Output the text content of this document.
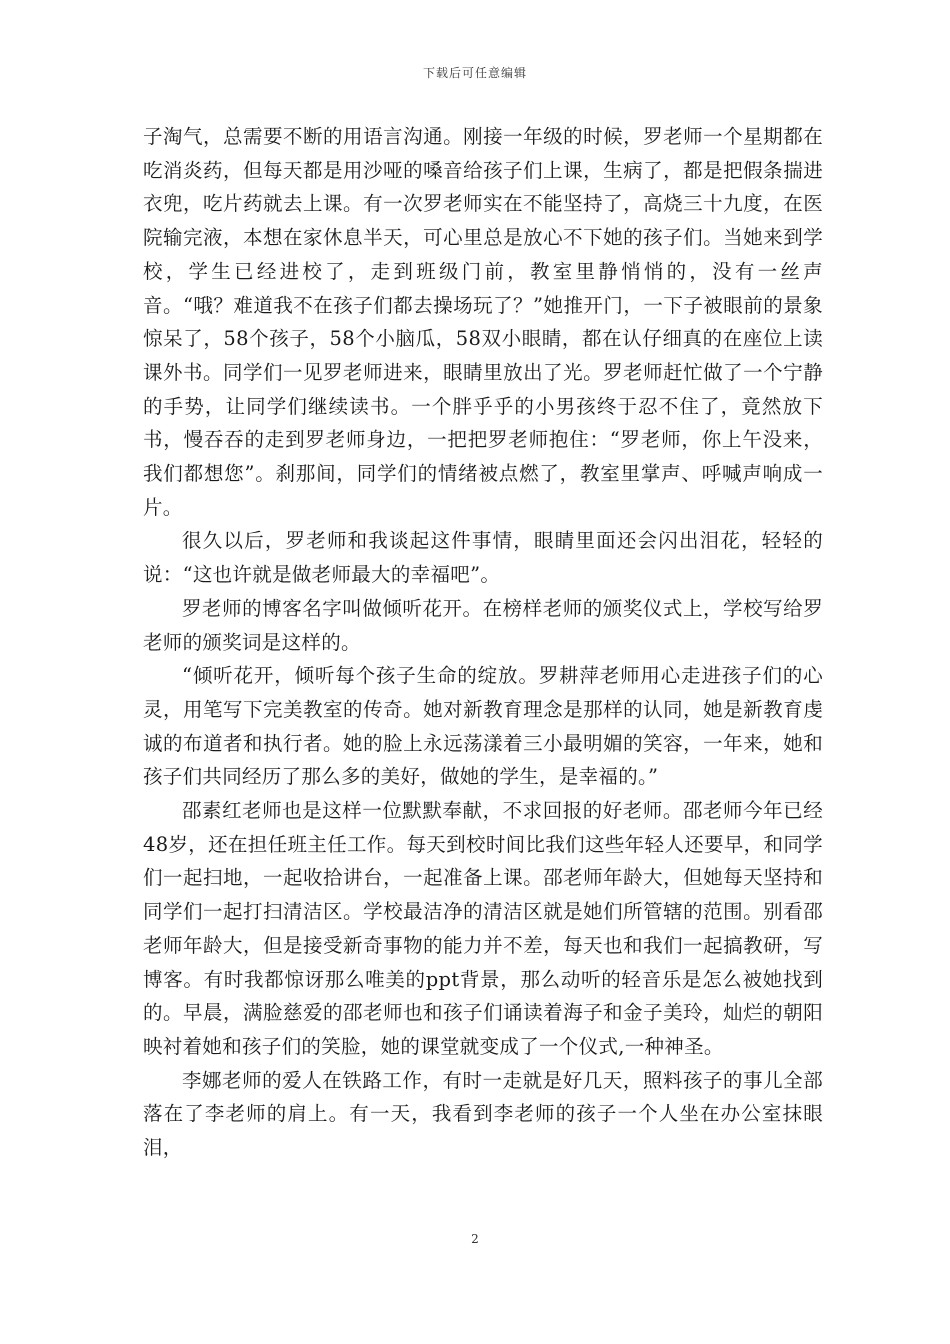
下载后可任意编辑

子淘气，总需要不断的用语言沟通。刚接一年级的时候，罗老师一个星期都在吃消炎药，但每天都是用沙哑的嗓音给孩子们上课，生病了，都是把假条揣进衣兜，吃片药就去上课。有一次罗老师实在不能坚持了，高烧三十九度，在医院输完液，本想在家休息半天，可心里总是放心不下她的孩子们。当她来到学校，学生已经进校了，走到班级门前，教室里静悄悄的，没有一丝声音。“哦？难道我不在孩子们都去操场玩了？”她推开门，一下子被眼前的景象惊呆了，58个孩子，58个小脑瓜，58双小眼睛，都在认仔细真的在座位上读课外书。同学们一见罗老师进来，眼睛里放出了光。罗老师赶忙做了一个宁静的手势，让同学们继续读书。一个胖乎乎的小男孩终于忍不住了，竟然放下书，慢吞吞的走到罗老师身边，一把把罗老师抱住：“罗老师，你上午没来，我们都想您”。刹那间，同学们的情绪被点燃了，教室里掌声、呼喊声响成一片。

很久以后，罗老师和我谈起这件事情，眼睛里面还会闪出泪花，轻轻的说：“这也许就是做老师最大的幸福吧”。

罗老师的博客名字叫做倾听花开。在榜样老师的颁奖仪式上，学校写给罗老师的颁奖词是这样的。

“倾听花开，倾听每个孩子生命的绽放。罗耕萍老师用心走进孩子们的心灵，用笔写下完美教室的传奇。她对新教育理念是那样的认同，她是新教育虔诚的布道者和执行者。她的脸上永远荡漾着三小最明媚的笑容，一年来，她和孩子们共同经历了那么多的美好，做她的学生，是幸福的。”

邵素红老师也是这样一位默默奉献，不求回报的好老师。邵老师今年已经48岁，还在担任班主任工作。每天到校时间比我们这些年轻人还要早，和同学们一起扫地，一起收拾讲台，一起准备上课。邵老师年龄大，但她每天坚持和同学们一起打扫清洁区。学校最洁净的清洁区就是她们所管辖的范围。别看邵老师年龄大，但是接受新奇事物的能力并不差，每天也和我们一起搞教研，写博客。有时我都惊讶那么唯美的ppt背景，那么动听的轻音乐是怎么被她找到的。早晨，满脸慈爱的邵老师也和孩子们诵读着海子和金子美玲，灿烂的朝阳映衬着她和孩子们的笑脸，她的课堂就变成了一个仪式,一种神圣。

李娜老师的爱人在铁路工作，有时一走就是好几天，照料孩子的事儿全部落在了李老师的肩上。有一天，我看到李老师的孩子一个人坐在办公室抹眼泪，

2
